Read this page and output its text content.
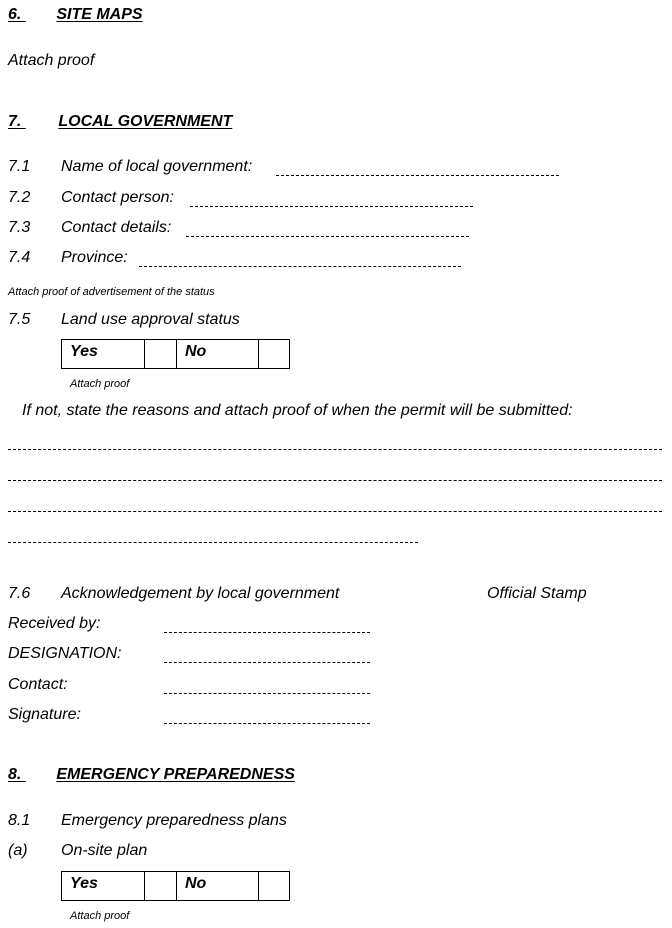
6. SITE MAPS
Attach proof
7. LOCAL GOVERNMENT
7.1 Name of local government:
7.2 Contact person:
7.3 Contact details:
7.4 Province:
Attach proof of advertisement of the status
7.5 Land use approval status
Yes		No	
Attach proof
If not, state the reasons and attach proof of when the permit will be submitted:
7.6 Acknowledgement by local government	Official Stamp
Received by:
DESIGNATION:
Contact:
Signature:
8. EMERGENCY PREPAREDNESS
8.1 Emergency preparedness plans
(a) On-site plan
Yes		No	
Attach proof
